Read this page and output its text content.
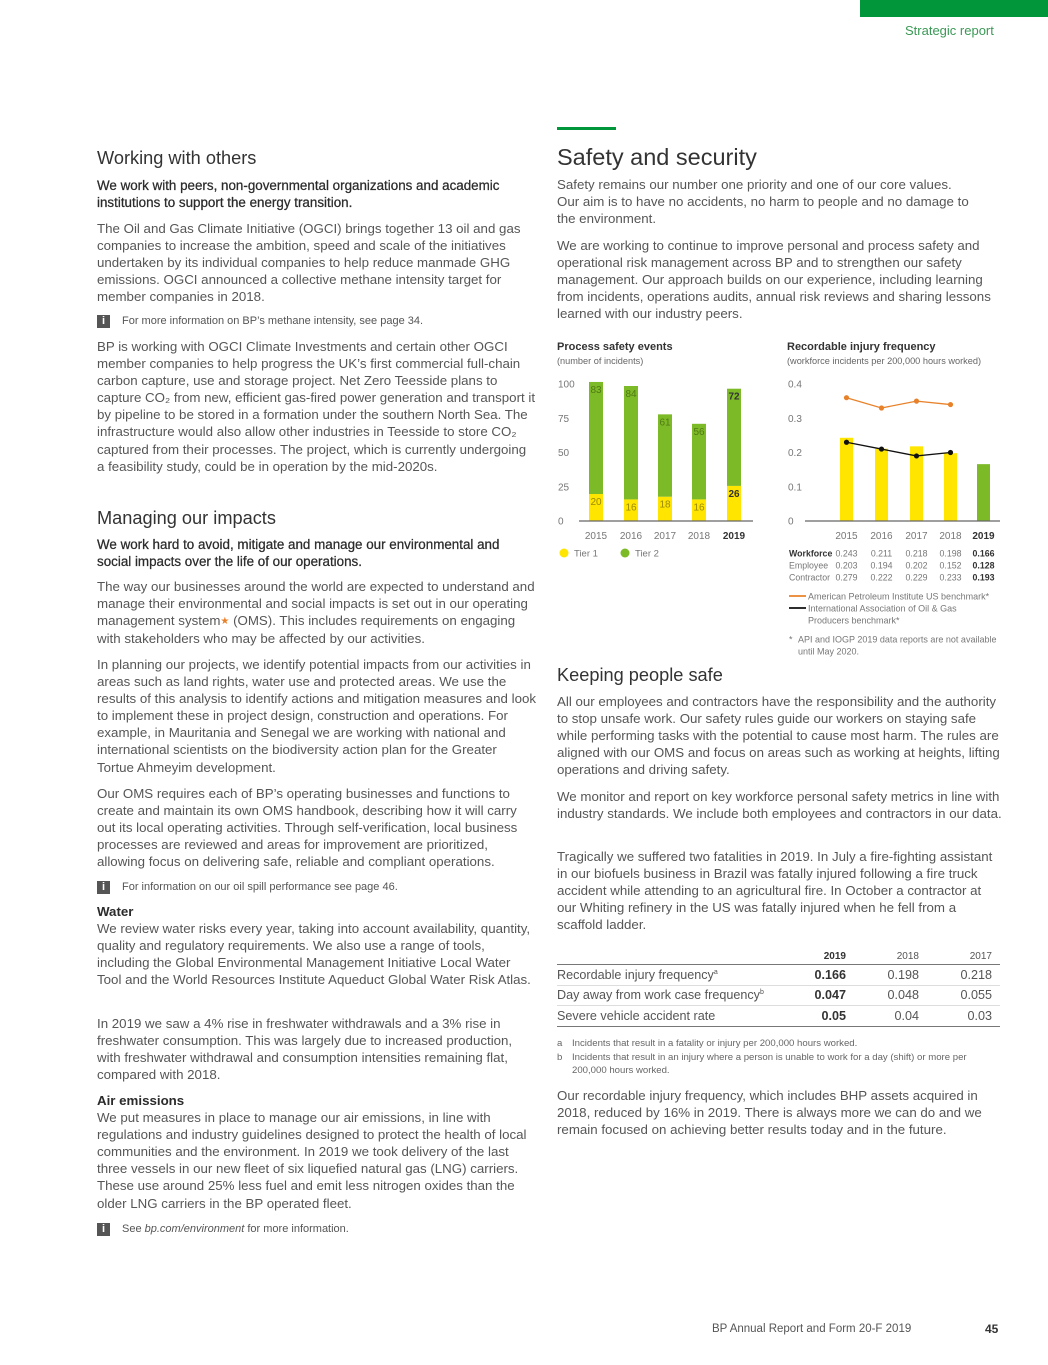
Strategic report
Working with others

We work with peers, non-governmental organizations and academic institutions to support the energy transition.

The Oil and Gas Climate Initiative (OGCI) brings together 13 oil and gas companies to increase the ambition, speed and scale of the initiatives undertaken by its individual companies to help reduce manmade GHG emissions. OGCI announced a collective methane intensity target for member companies in 2018.

i	For more information on BP’s methane intensity, see page 34.

BP is working with OGCI Climate Investments and certain other OGCI member companies to help progress the UK’s first commercial full-chain carbon capture, use and storage project. Net Zero Teesside plans to capture CO₂ from new, efficient gas-fired power generation and transport it by pipeline to be stored in a formation under the southern North Sea. The infrastructure would also allow other industries in Teesside to store CO₂ captured from their processes. The project, which is currently undergoing a feasibility study, could be in operation by the mid-2020s.

Managing our impacts

We work hard to avoid, mitigate and manage our environmental and social impacts over the life of our operations.

The way our businesses around the world are expected to understand and manage their environmental and social impacts is set out in our operating management system★ (OMS). This includes requirements on engaging with stakeholders who may be affected by our activities.

In planning our projects, we identify potential impacts from our activities in areas such as land rights, water use and protected areas. We use the results of this analysis to identify actions and mitigation measures and look to implement these in project design, construction and operations. For example, in Mauritania and Senegal we are working with national and international scientists on the biodiversity action plan for the Greater Tortue Ahmeyim development.

Our OMS requires each of BP’s operating businesses and functions to create and maintain its own OMS handbook, describing how it will carry out its local operating activities. Through self-verification, local business processes are reviewed and areas for improvement are prioritized, allowing focus on delivering safe, reliable and compliant operations.

i	For information on our oil spill performance see page 46.
Water
We review water risks every year, taking into account availability, quantity, quality and regulatory requirements. We also use a range of tools, including the Global Environmental Management Initiative Local Water Tool and the World Resources Institute Aqueduct Global Water Risk Atlas.

In 2019 we saw a 4% rise in freshwater withdrawals and a 3% rise in freshwater consumption. This was largely due to increased production, with freshwater withdrawal and consumption intensities remaining flat, compared with 2018.

Air emissions
We put measures in place to manage our air emissions, in line with regulations and industry guidelines designed to protect the health of local communities and the environment. In 2019 we took delivery of the last three vessels in our new fleet of six liquefied natural gas (LNG) carriers. These use around 25% less fuel and emit less nitrogen oxides than the older LNG carriers in the BP operated fleet.
i	See bp.com/environment for more information.
Safety and security

Safety remains our number one priority and one of our core values. Our aim is to have no accidents, no harm to people and no damage to the environment.

We are working to continue to improve personal and process safety and operational risk management across BP and to strengthen our safety management. Our approach builds on our experience, including learning from incidents, operations audits, annual risk reviews and sharing lessons learned with our industry peers.

Process safety events
(number of incidents)
0
25
50
75
100
20
83
2015
16
84
2016
18
61
2017
16
56
2018
26
72
2019
Tier 1	Tier 2
Recordable injury frequency
(workforce incidents per 200,000 hours worked)
0
0.1
0.2
0.3
0.4
2015 2016 2017 2018 2019
Workforce 0.243 0.211 0.218 0.198 0.166
Employee 0.203 0.194 0.202 0.152 0.128
Contractor 0.279 0.222 0.229 0.233 0.193
American Petroleum Institute US benchmark*
International Association of Oil & Gas
Producers benchmark*
* API and IOGP 2019 data reports are not available
until May 2020.
Keeping people safe

All our employees and contractors have the responsibility and the authority to stop unsafe work. Our safety rules guide our workers on staying safe while performing tasks with the potential to cause most harm. The rules are aligned with our OMS and focus on areas such as working at heights, lifting operations and driving safety.

We monitor and report on key workforce personal safety metrics in line with industry standards. We include both employees and contractors in our data.

Tragically we suffered two fatalities in 2019. In July a fire-fighting assistant in our biofuels business in Brazil was fatally injured following a fire truck accident while attending to an agricultural fire. In October a contractor at our Whiting refinery in the US was fatally injured when he fell from a scaffold ladder.

2019	2018	2017
Recordable injury frequency$^a$	0.166	0.198	0.218
Day away from work case frequency$^b$	0.047	0.048	0.055
Severe vehicle accident rate	0.05	0.04	0.03
a	Incidents that result in a fatality or injury per 200,000 hours worked.
b	Incidents that result in an injury where a person is unable to work for a day (shift) or more per 200,000 hours worked.

Our recordable injury frequency, which includes BHP assets acquired in 2018, reduced by 16% in 2019. There is always more we can do and we remain focused on achieving better results today and in the future.

BP Annual Report and Form 20-F 2019	45
